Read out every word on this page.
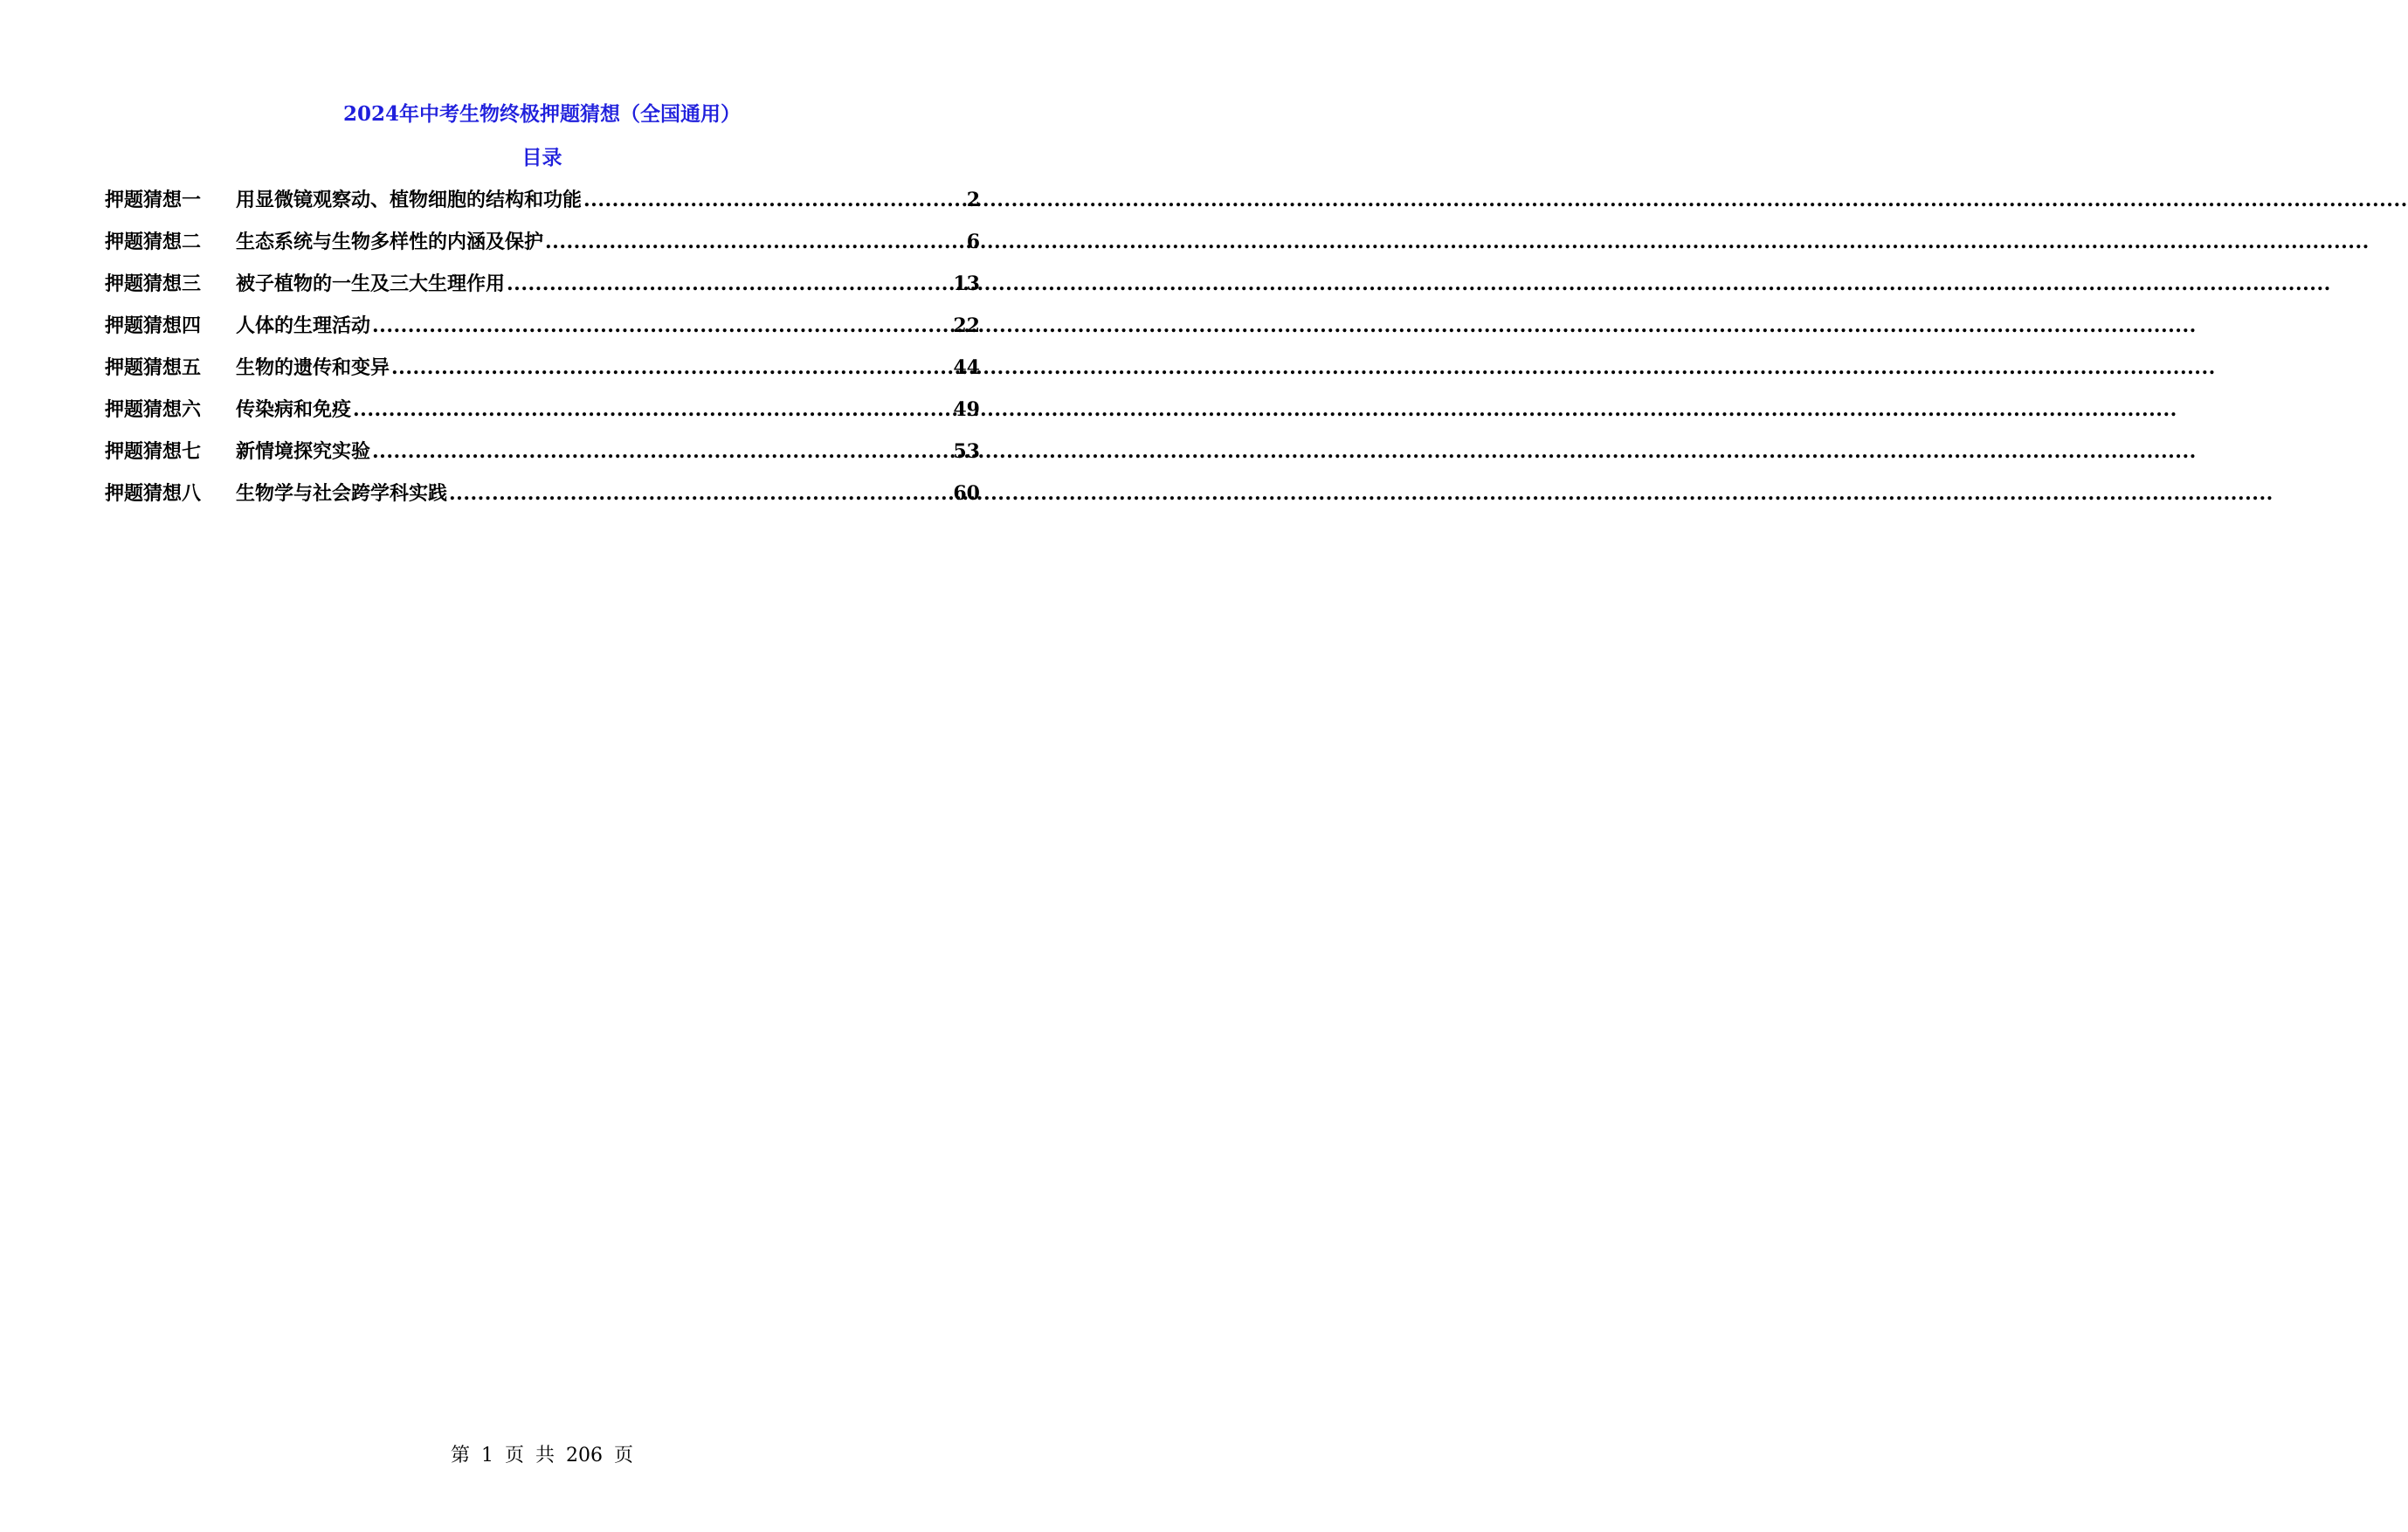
2024年中考生物终极押题猜想（全国通用）
目录
押题猜想一	用显微镜观察动、植物细胞的结构和功能 .....	2
押题猜想二	生态系统与生物多样性的内涵及保护 .....	6
押题猜想三	被子植物的一生及三大生理作用 .....	13
押题猜想四	人体的生理活动 .....	22
押题猜想五	生物的遗传和变异 .....	44
押题猜想六	传染病和免疫 .....	49
押题猜想七	新情境探究实验 .....	53
押题猜想八	生物学与社会跨学科实践 .....	60
第 1 页 共 206 页
